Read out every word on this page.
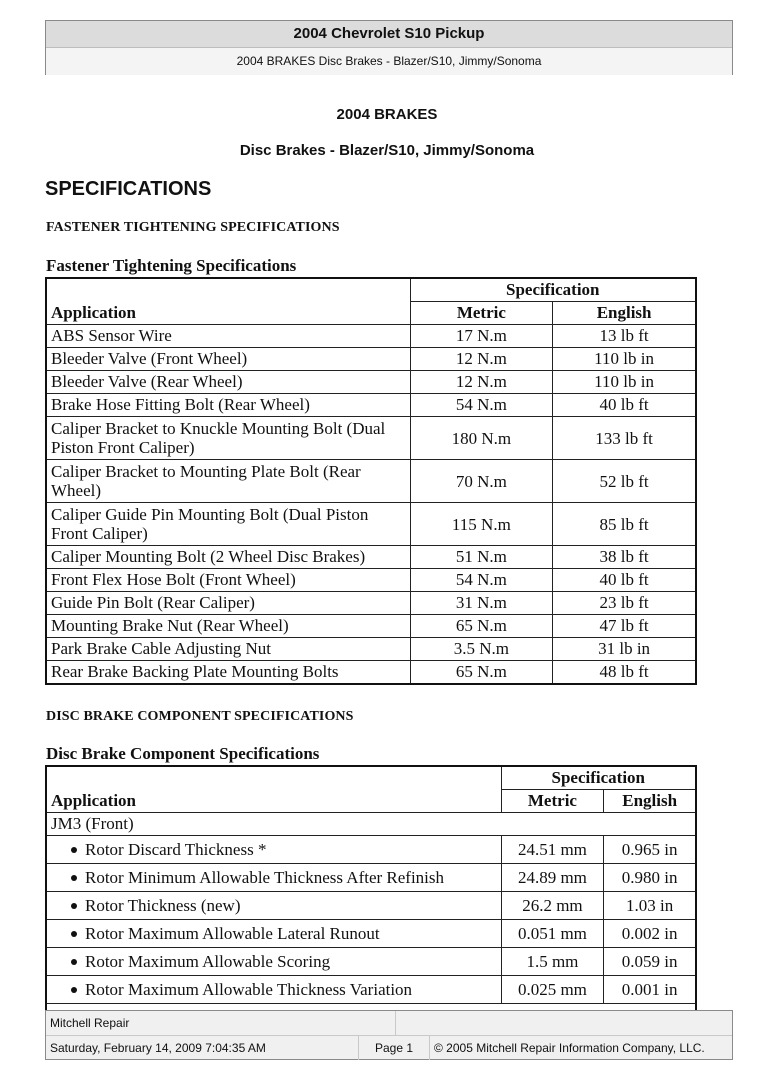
2004 Chevrolet S10 Pickup
2004 BRAKES Disc Brakes - Blazer/S10, Jimmy/Sonoma
2004 BRAKES
Disc Brakes - Blazer/S10, Jimmy/Sonoma
SPECIFICATIONS
FASTENER TIGHTENING SPECIFICATIONS
Fastener Tightening Specifications
Application	Specification	
	Metric	English
ABS Sensor Wire	17 N.m	13 lb ft
Bleeder Valve (Front Wheel)	12 N.m	110 lb in
Bleeder Valve (Rear Wheel)	12 N.m	110 lb in
Brake Hose Fitting Bolt (Rear Wheel)	54 N.m	40 lb ft
Caliper Bracket to Knuckle Mounting Bolt (Dual Piston Front Caliper)	180 N.m	133 lb ft
Caliper Bracket to Mounting Plate Bolt (Rear Wheel)	70 N.m	52 lb ft
Caliper Guide Pin Mounting Bolt (Dual Piston Front Caliper)	115 N.m	85 lb ft
Caliper Mounting Bolt (2 Wheel Disc Brakes)	51 N.m	38 lb ft
Front Flex Hose Bolt (Front Wheel)	54 N.m	40 lb ft
Guide Pin Bolt (Rear Caliper)	31 N.m	23 lb ft
Mounting Brake Nut (Rear Wheel)	65 N.m	47 lb ft
Park Brake Cable Adjusting Nut	3.5 N.m	31 lb in
Rear Brake Backing Plate Mounting Bolts	65 N.m	48 lb ft
DISC BRAKE COMPONENT SPECIFICATIONS
Disc Brake Component Specifications
Application	Specification	
	Metric	English
JM3 (Front)		
Rotor Discard Thickness *	24.51 mm	0.965 in
Rotor Minimum Allowable Thickness After Refinish	24.89 mm	0.980 in
Rotor Thickness (new)	26.2 mm	1.03 in
Rotor Maximum Allowable Lateral Runout	0.051 mm	0.002 in
Rotor Maximum Allowable Scoring	1.5 mm	0.059 in
Rotor Maximum Allowable Thickness Variation	0.025 mm	0.001 in

Mitchell Repair
Saturday, February 14, 2009 7:04:35 AM	Page 1	© 2005 Mitchell Repair Information Company, LLC.
